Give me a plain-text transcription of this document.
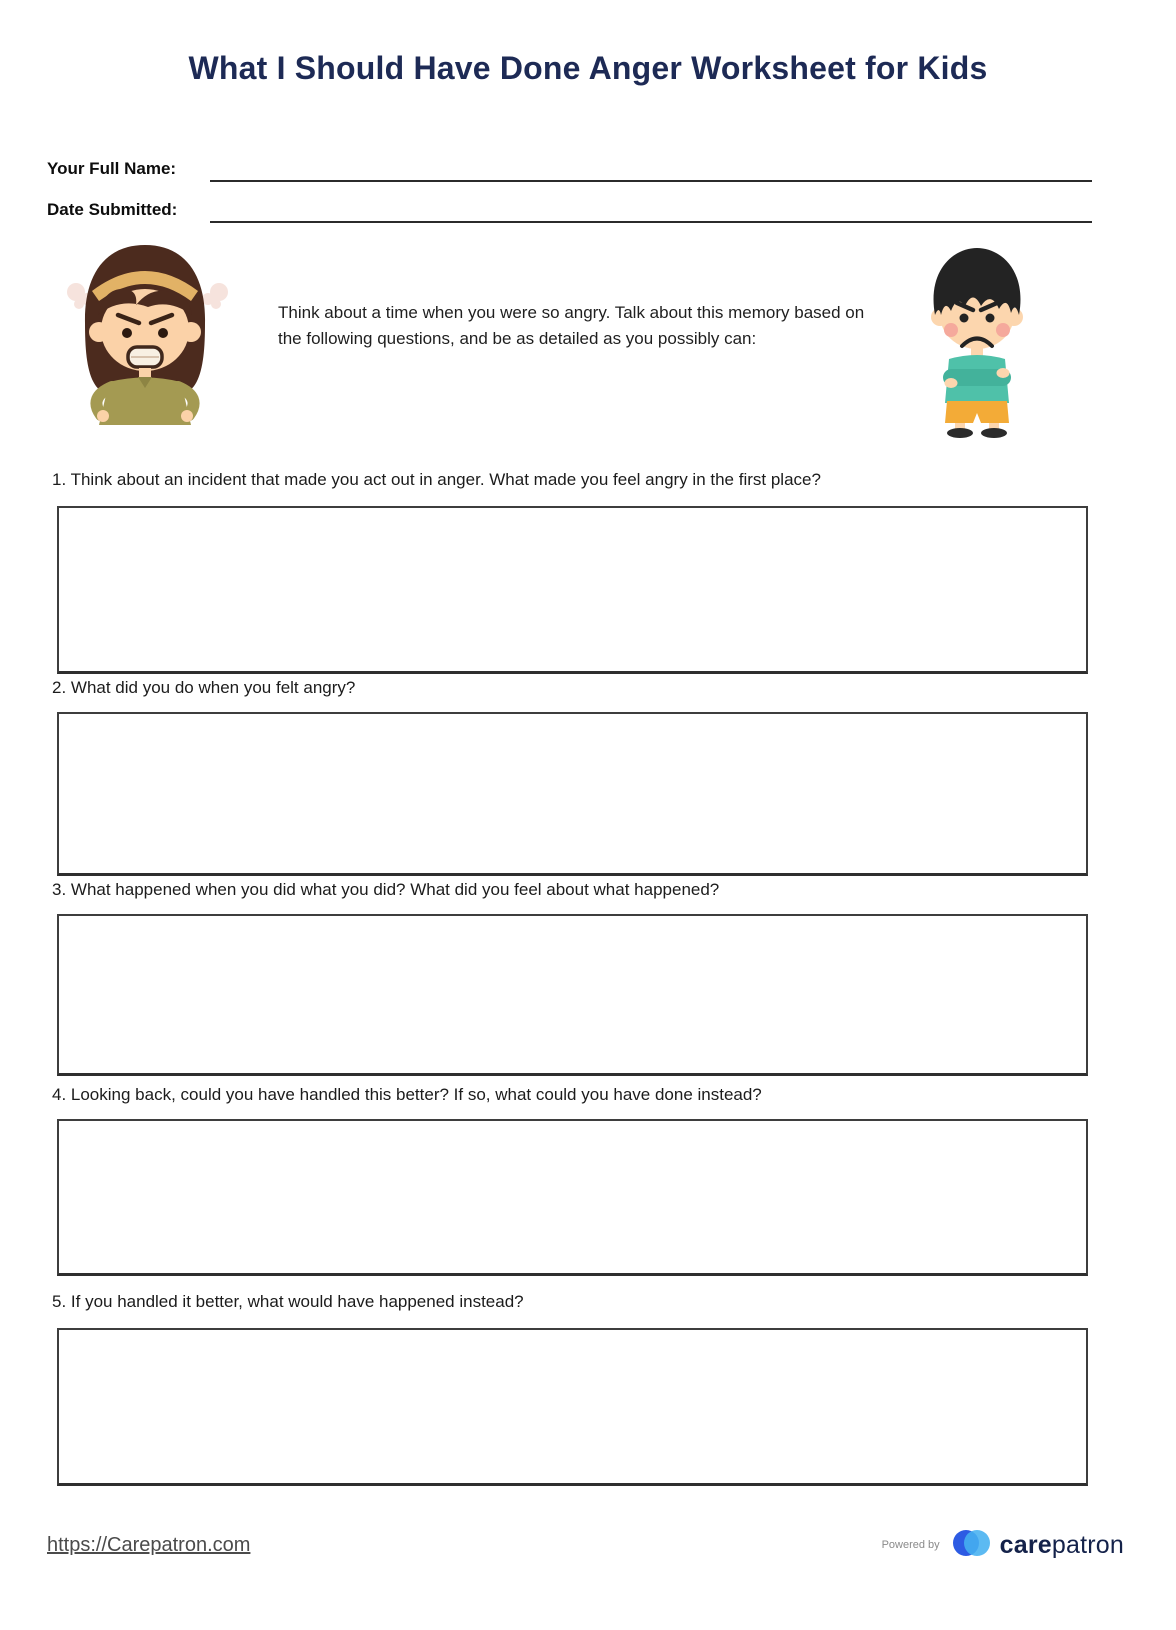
What I Should Have Done Anger Worksheet for Kids
Your Full Name:
Date Submitted:

Think about a time when you were so angry. Talk about this memory based on the following questions, and be as detailed as you possibly can:

1. Think about an incident that made you act out in anger. What made you feel angry in the first place?

2. What did you do when you felt angry?

3. What happened when you did what you did? What did you feel about what happened?

4. Looking back, could you have handled this better? If so, what could you have done instead?

5. If you handled it better, what would have happened instead?

https://Carepatron.com	Powered by carepatron
